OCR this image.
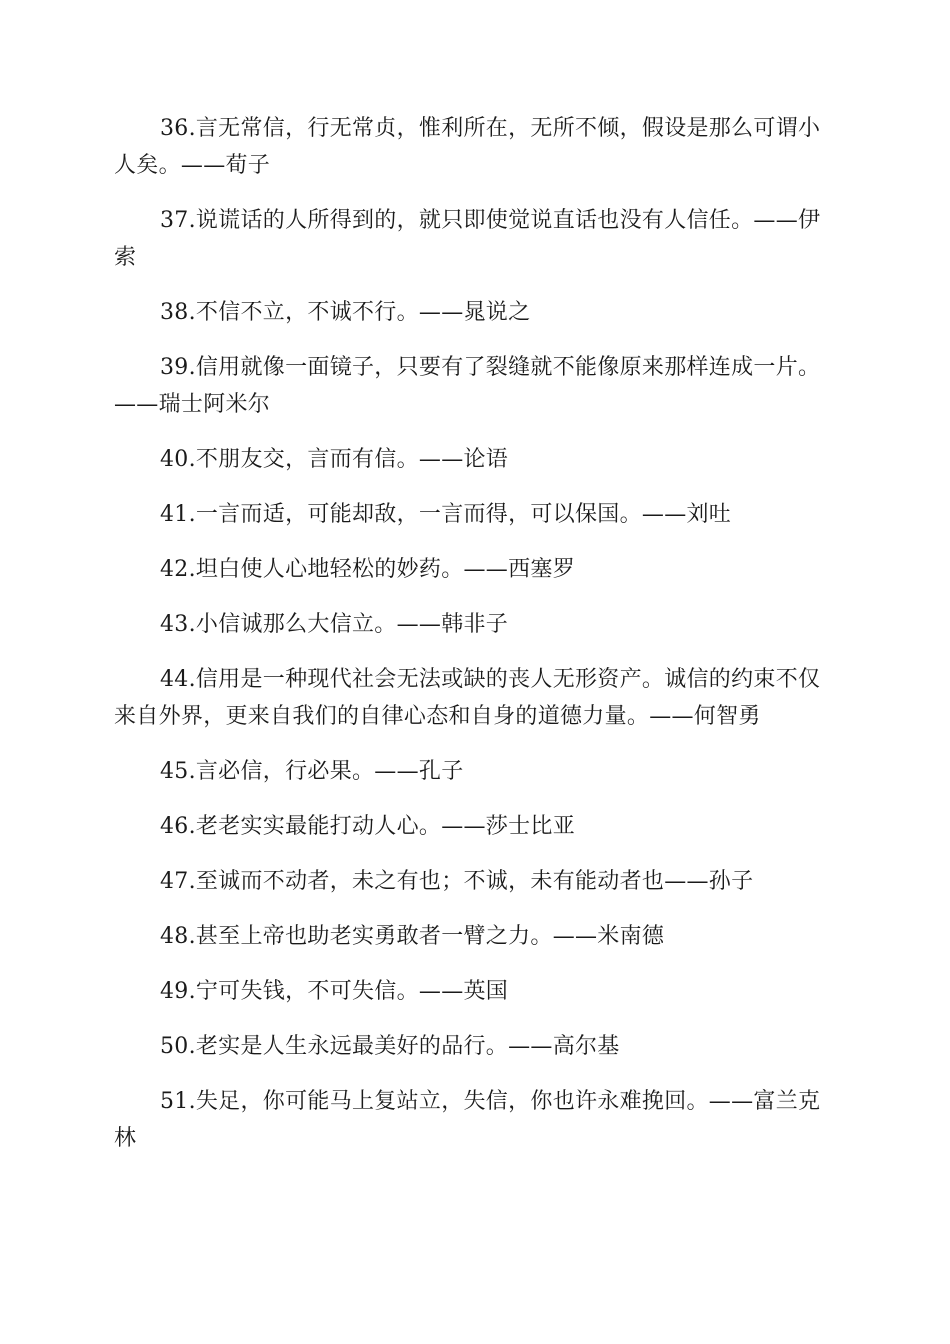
36.言无常信，行无常贞，惟利所在，无所不倾，假设是那么可谓小人矣。——荀子

37.说谎话的人所得到的，就只即使觉说直话也没有人信任。——伊索

38.不信不立，不诚不行。——晁说之

39.信用就像一面镜子，只要有了裂缝就不能像原来那样连成一片。——瑞士阿米尔

40.不朋友交，言而有信。——论语

41.一言而适，可能却敌，一言而得，可以保国。——刘吐

42.坦白使人心地轻松的妙药。——西塞罗

43.小信诚那么大信立。——韩非子

44.信用是一种现代社会无法或缺的丧人无形资产。诚信的约束不仅来自外界，更来自我们的自律心态和自身的道德力量。——何智勇

45.言必信，行必果。——孔子

46.老老实实最能打动人心。——莎士比亚

47.至诚而不动者，未之有也；不诚，未有能动者也——孙子

48.甚至上帝也助老实勇敢者一臂之力。——米南德

49.宁可失钱，不可失信。——英国

50.老实是人生永远最美好的品行。——高尔基

51.失足，你可能马上复站立，失信，你也许永难挽回。——富兰克林
